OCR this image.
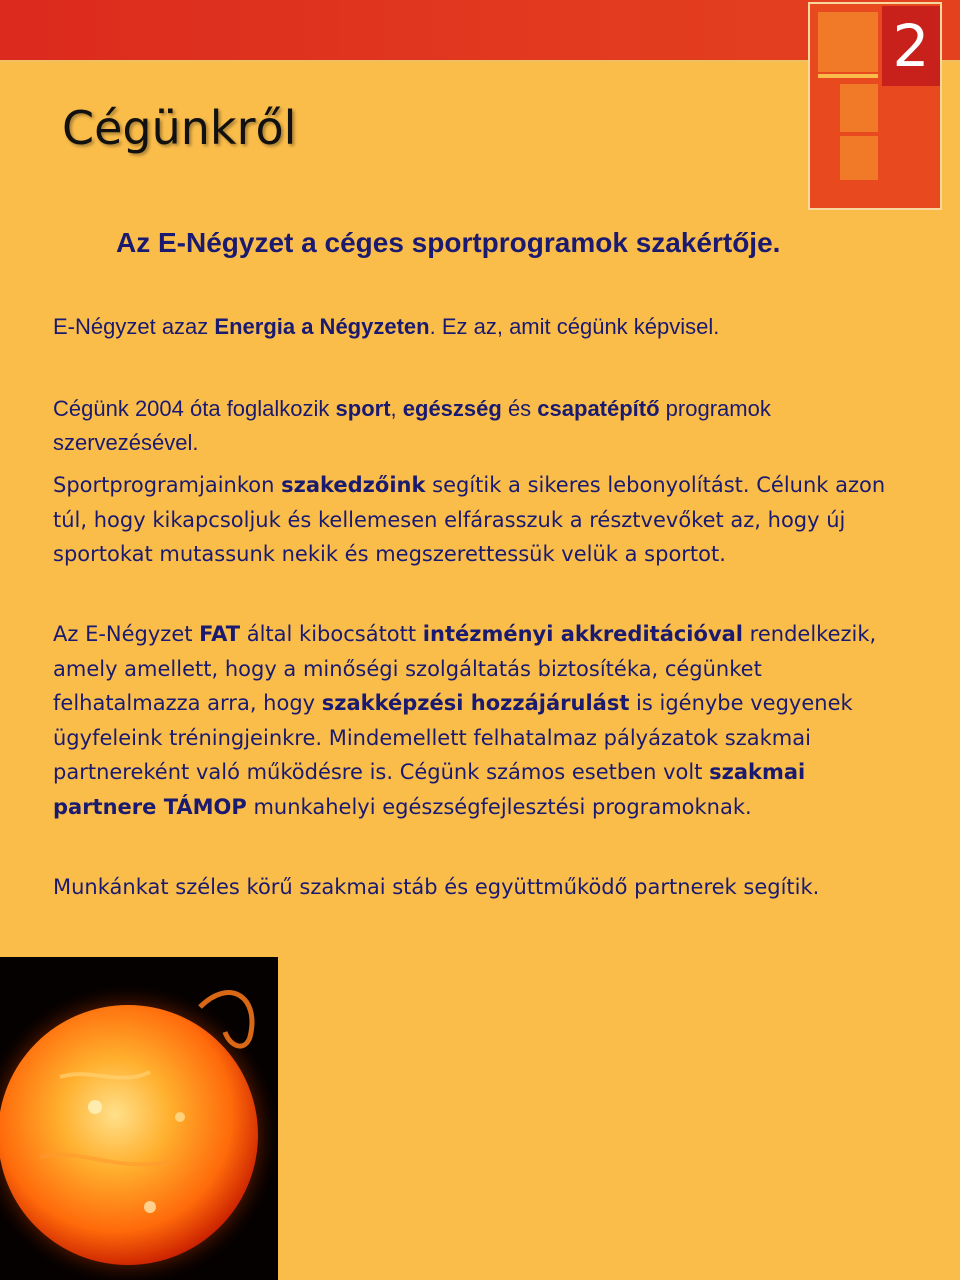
2
Cégünkről
Az E-Négyzet a céges sportprogramok szakértője.

E-Négyzet azaz Energia a Négyzeten. Ez az, amit cégünk képvisel.

Cégünk 2004 óta foglalkozik sport, egészség és csapatépítő programok szervezésével.

Sportprogramjainkon szakedzőink segítik a sikeres lebonyolítást. Célunk azon túl, hogy kikapcsoljuk és kellemesen elfárasszuk a résztvevőket az, hogy új sportokat mutassunk nekik és megszerettessük velük a sportot.

Az E-Négyzet FAT által kibocsátott intézményi akkreditációval rendelkezik, amely amellett, hogy a minőségi szolgáltatás biztosítéka, cégünket felhatalmazza arra, hogy szakképzési hozzájárulást is igénybe vegyenek ügyfeleink tréningjeinkre. Mindemellett felhatalmaz pályázatok szakmai partnereként való működésre is. Cégünk számos esetben volt szakmai partnere TÁMOP munkahelyi egészségfejlesztési programoknak.

Munkánkat széles körű szakmai stáb és együttműködő partnerek segítik.
